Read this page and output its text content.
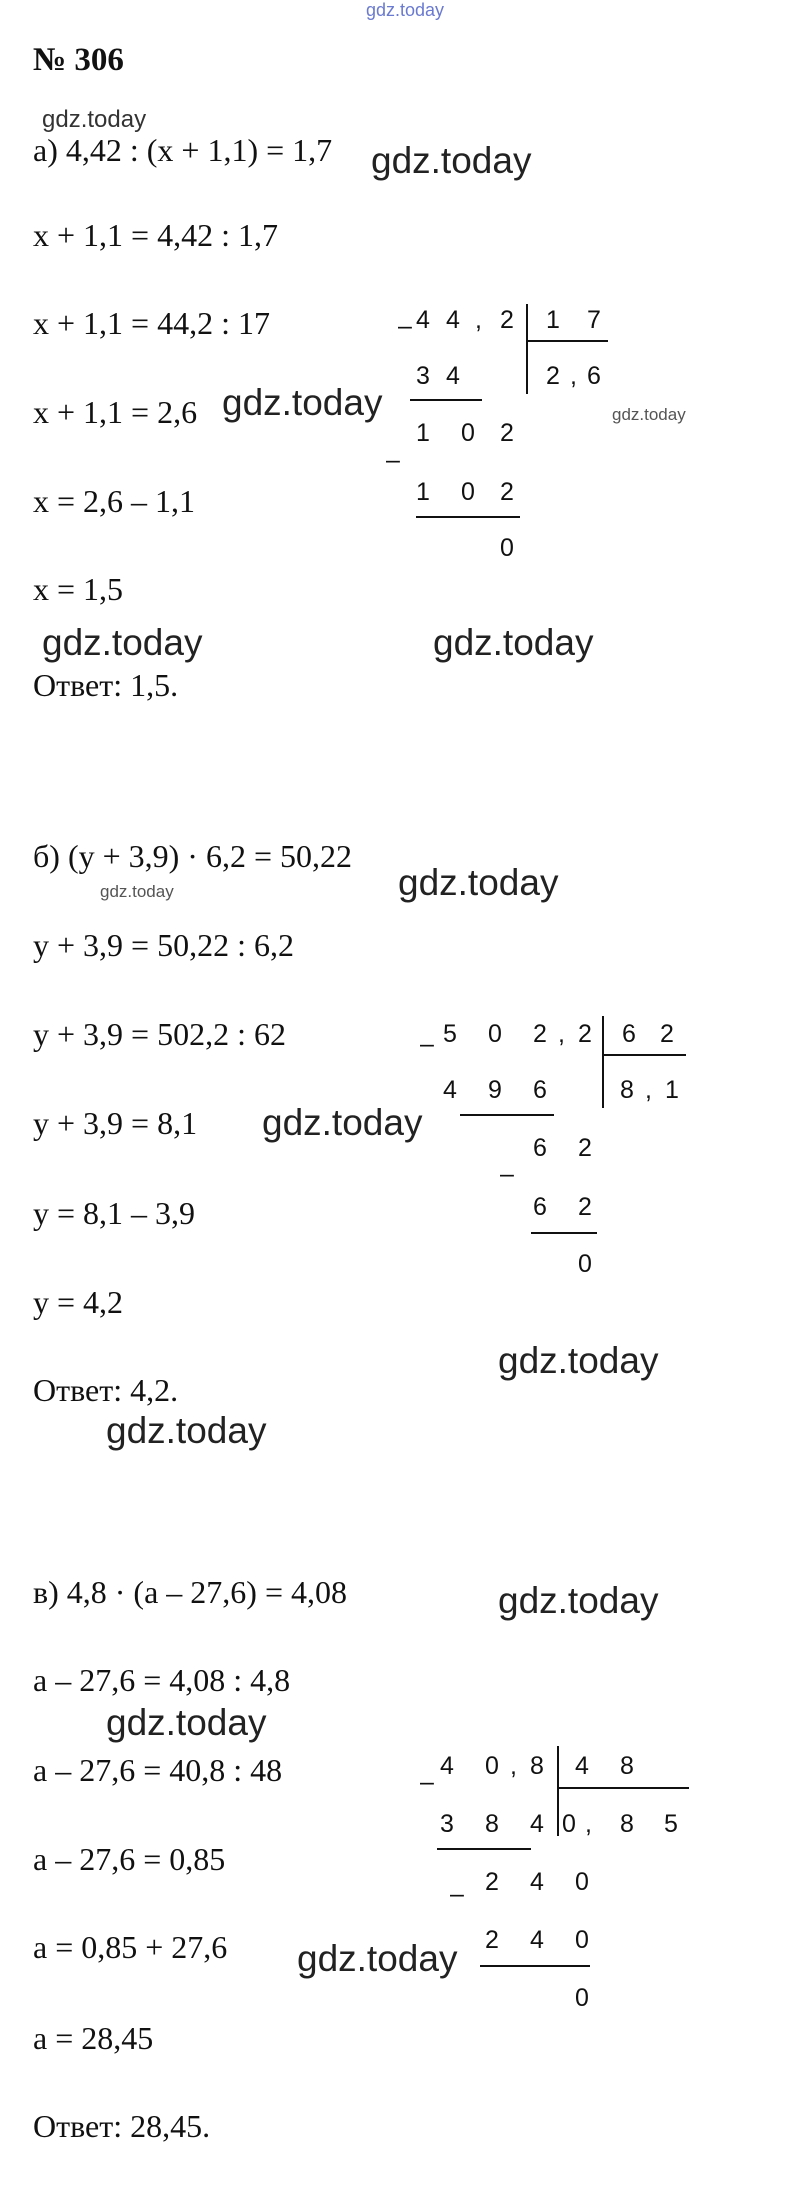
gdz.today
№ 306
gdz.today
а) 4,42 : (x + 1,1) = 1,7 gdz.today
x + 1,1 = 4,42 : 1,7
x + 1,1 = 44,2 : 17
x + 1,1 = 2,6 gdz.today	gdz.today
x = 2,6 – 1,1
x = 1,5
gdz.today	gdz.today
Ответ: 1,5.
– 4 4 , 2 1 7
2 , 6
3 4
–
1 0 2
1 0 2
0
б) (y + 3,9) · 6,2 = 50,22
gdz.today
gdz.today
y + 3,9 = 50,22 : 6,2
y + 3,9 = 502,2 : 62
y + 3,9 = 8,1 gdz.today
y = 8,1 – 3,9
y = 4,2
gdz.today
Ответ: 4,2.
gdz.today
– 5 0 2 , 2 6 2
8 , 1
4 9 6
–
6 2
6 2
0
в) 4,8 · (a – 27,6) = 4,08	gdz.today
a – 27,6 = 4,08 : 4,8
gdz.today
a – 27,6 = 40,8 : 48
a – 27,6 = 0,85
a = 0,85 + 27,6 gdz.today
a = 28,45
Ответ: 28,45.
–
4 0 , 8 4 8
0 , 8 5
3 8 4
– 2 4 0
2 4 0
0
